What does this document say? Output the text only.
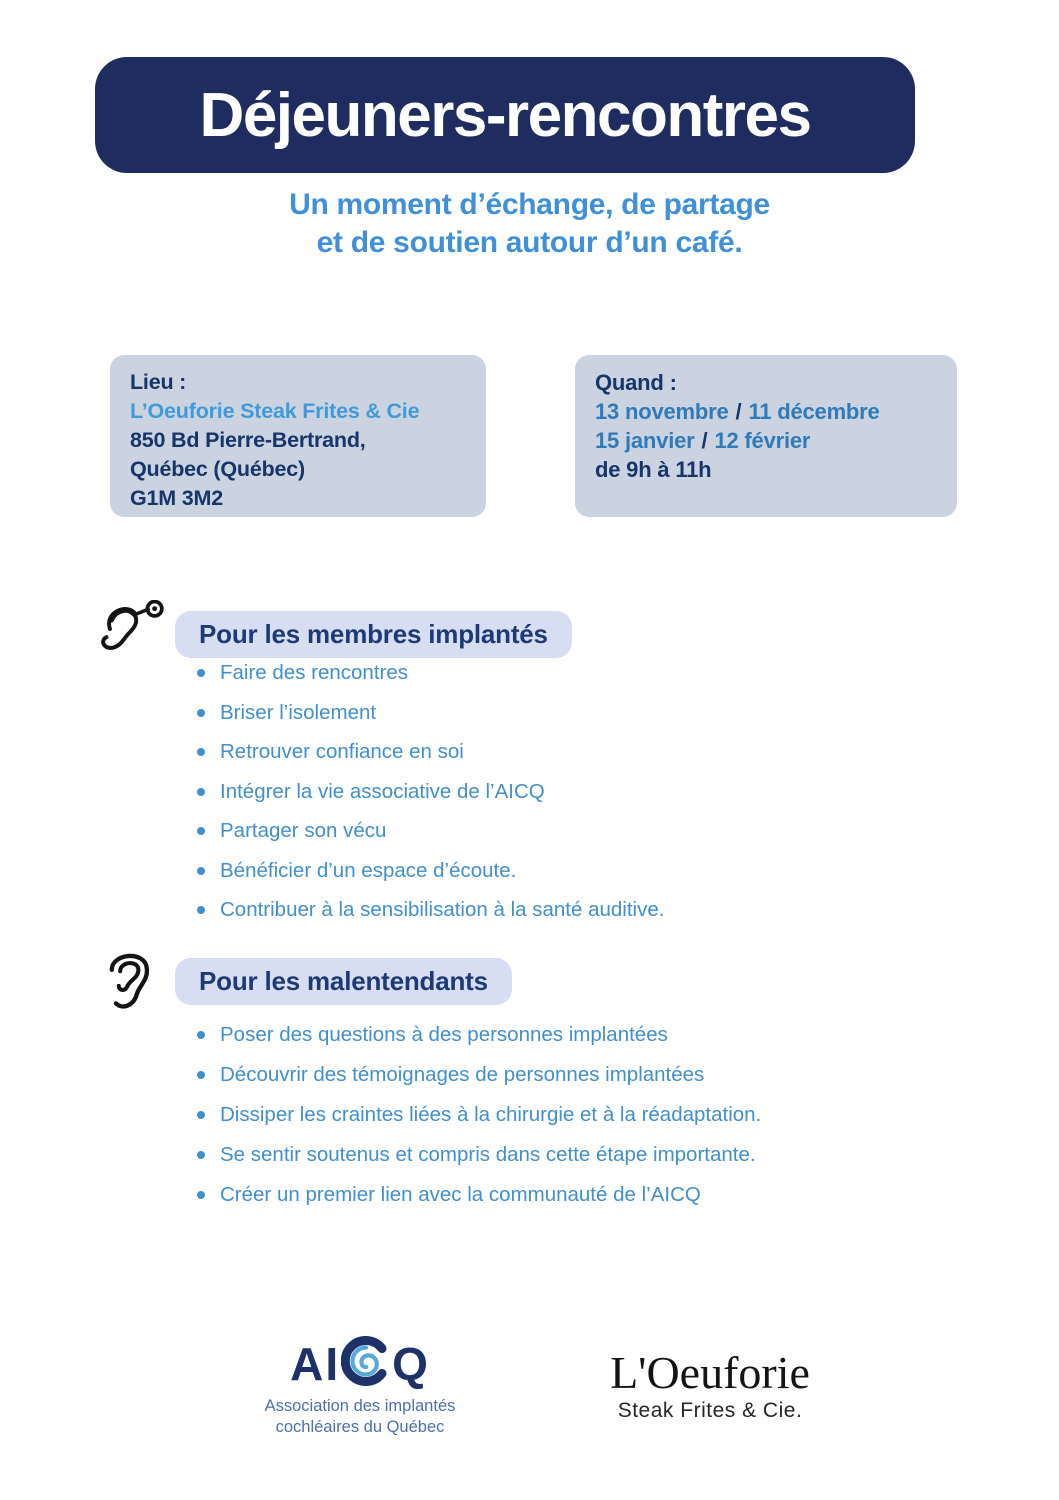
Déjeuners-rencontres
Un moment d’échange, de partage
et de soutien autour d’un café.
Lieu :
L’Oeuforie Steak Frites & Cie
850 Bd Pierre-Bertrand,
Québec (Québec)
G1M 3M2
Quand :
13 novembre / 11 décembre
15 janvier / 12 février
de 9h à 11h
Pour les membres implantés
Faire des rencontres
Briser l’isolement
Retrouver confiance en soi
Intégrer la vie associative de l’AICQ
Partager son vécu
Bénéficier d’un espace d’écoute.
Contribuer à la sensibilisation à la santé auditive.
Pour les malentendants
Poser des questions à des personnes implantées
Découvrir des témoignages de personnes implantées
Dissiper les craintes liées à la chirurgie et à la réadaptation.
Se sentir soutenus et compris dans cette étape importante.
Créer un premier lien avec la communauté de l’AICQ
AI Q
Association des implantés
cochléaires du Québec
L'Oeuforie
Steak Frites & Cie.
